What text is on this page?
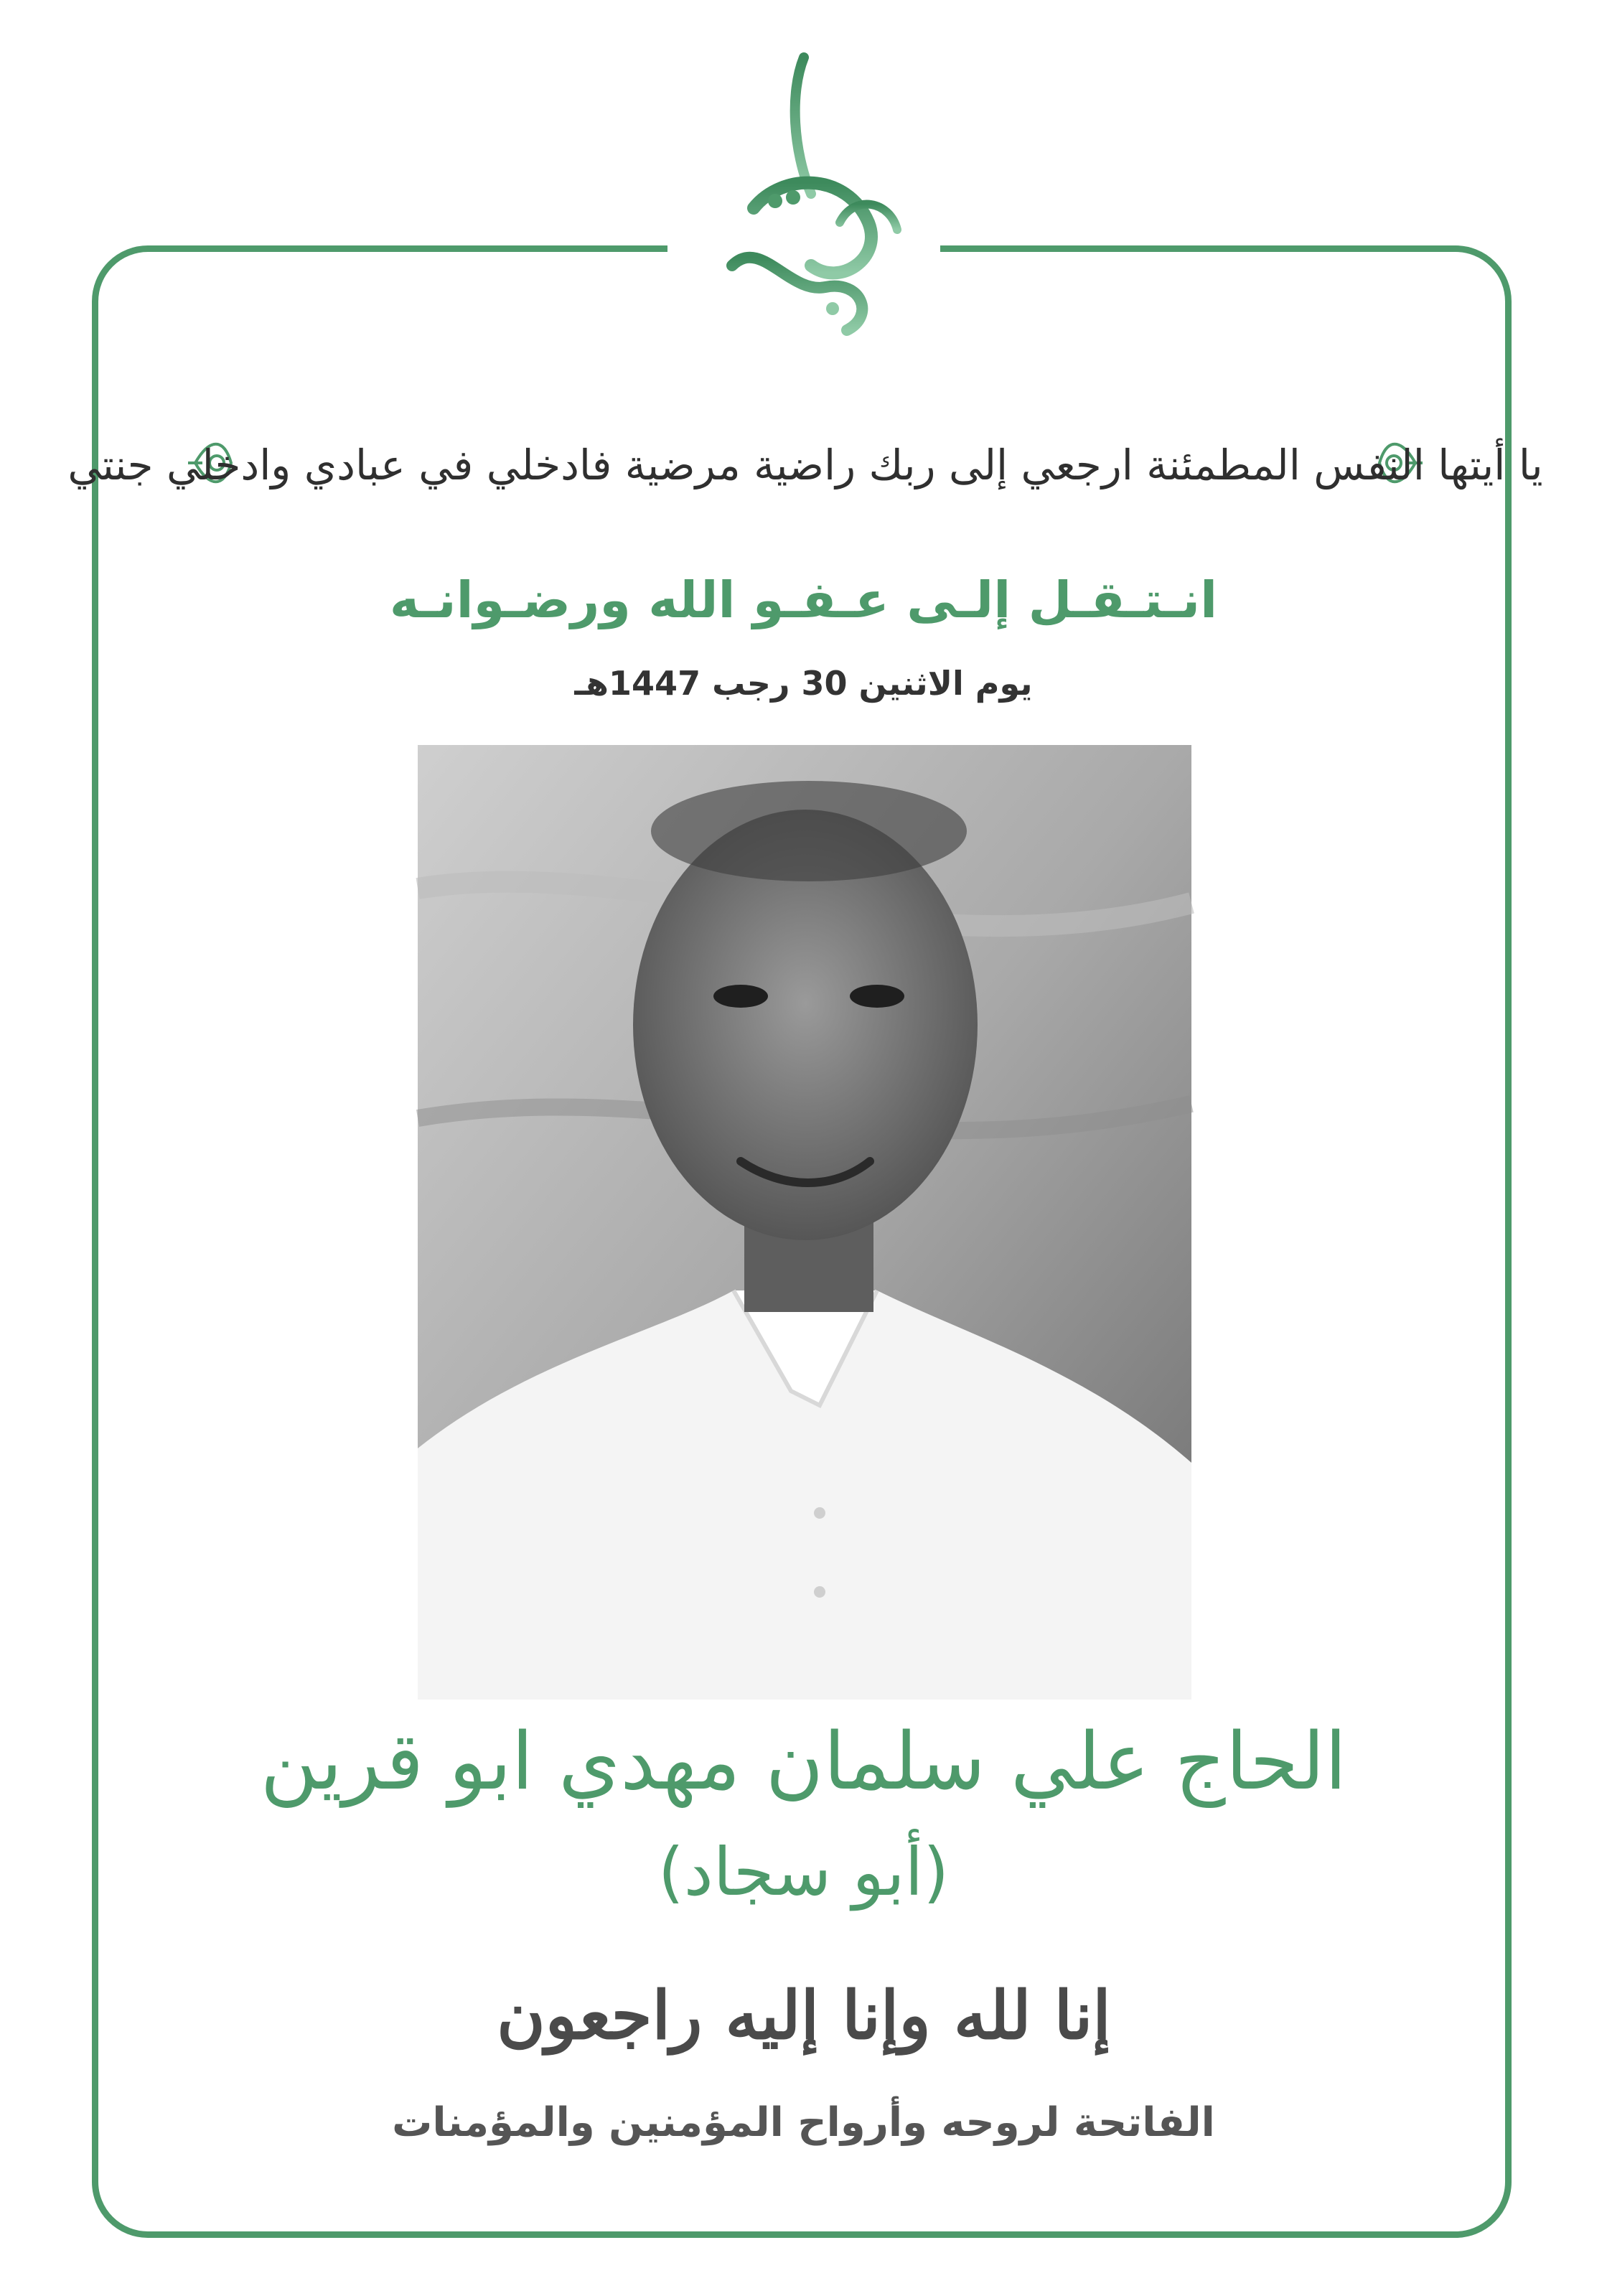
مطمئنة
يا أيتها النفس المطمئنة ارجعي إلى ربك راضية مرضية فادخلي في عبادي وادخلي جنتي
انـتـقـل إلـى عـفـو الله ورضـوانـه
يوم الاثنين 30 رجب 1447هـ
الحاج علي سلمان مهدي ابو قرين
(أبو سجاد)
إنا لله وإنا إليه راجعون
الفاتحة لروحه وأرواح المؤمنين والمؤمنات
